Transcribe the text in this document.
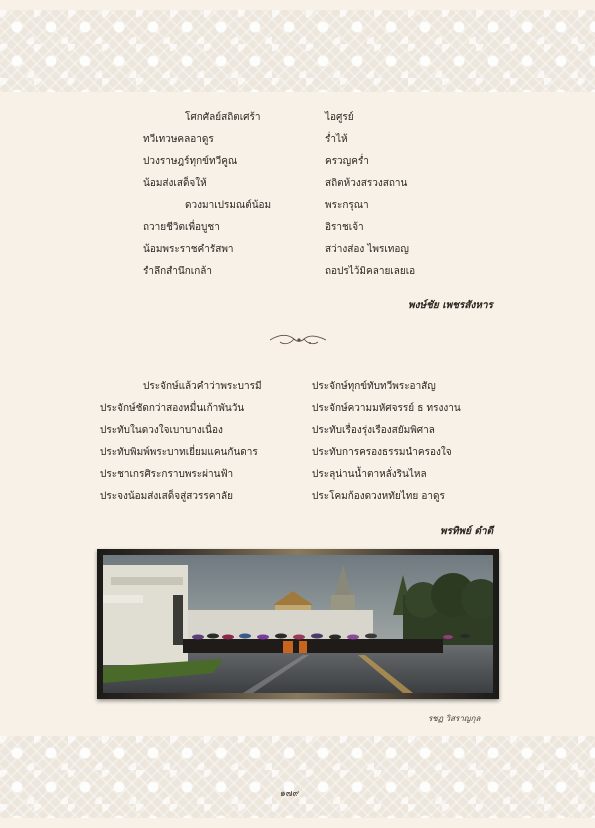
โศกศัลย์สถิตเศร้า
ทวีเทวษคลอาดูร
ปวงราษฎร์ทุกข์ทวีคูณ
น้อมส่งเสด็จให้
ดวงมาเปรมณต์น้อม
ถวายชีวิตเพื่อบูชา
น้อมพระราชคำรัสพา
รำลึกสำนึกเกล้า
ไอศูรย์
ร่ำไห้
ครวญคร่ำ
สถิตห้วงสรวงสถาน
พระกรุณา
อิราชเจ้า
สว่างส่อง ไพรเทอญ
ถอปรไว้มิคลายเลยเอ
พงษ์ชัย เพชรสังหาร
ประจักษ์แล้วคำว่าพระบารมี
ประจักษ์ชัดกว่าสองหมื่นเก้าพันวัน
ประทับในดวงใจเบาบางเนื่อง
ประทับพิมพ์พระบาทเยี่ยมแคนกันดาร
ประชาเกรศิระกราบพระผ่านฟ้า
ประจงน้อมส่งเสด็จสู่สวรรคาลัย
ประจักษ์ทุกข์ทับทวีพระอาสัญ
ประจักษ์ความมหัศจรรย์ ธ ทรงงาน
ประทับเรื่องรุ่งเรืองสยัมพิศาล
ประทับการครองธรรมนำครองใจ
ประลุน่านน้ำตาหลั่งรินไหล
ประโคมก้องดวงหทัยไทย อาดูร
พรทิพย์ ดำดี
รชฏ วิสราญกุล
๑๗๙
